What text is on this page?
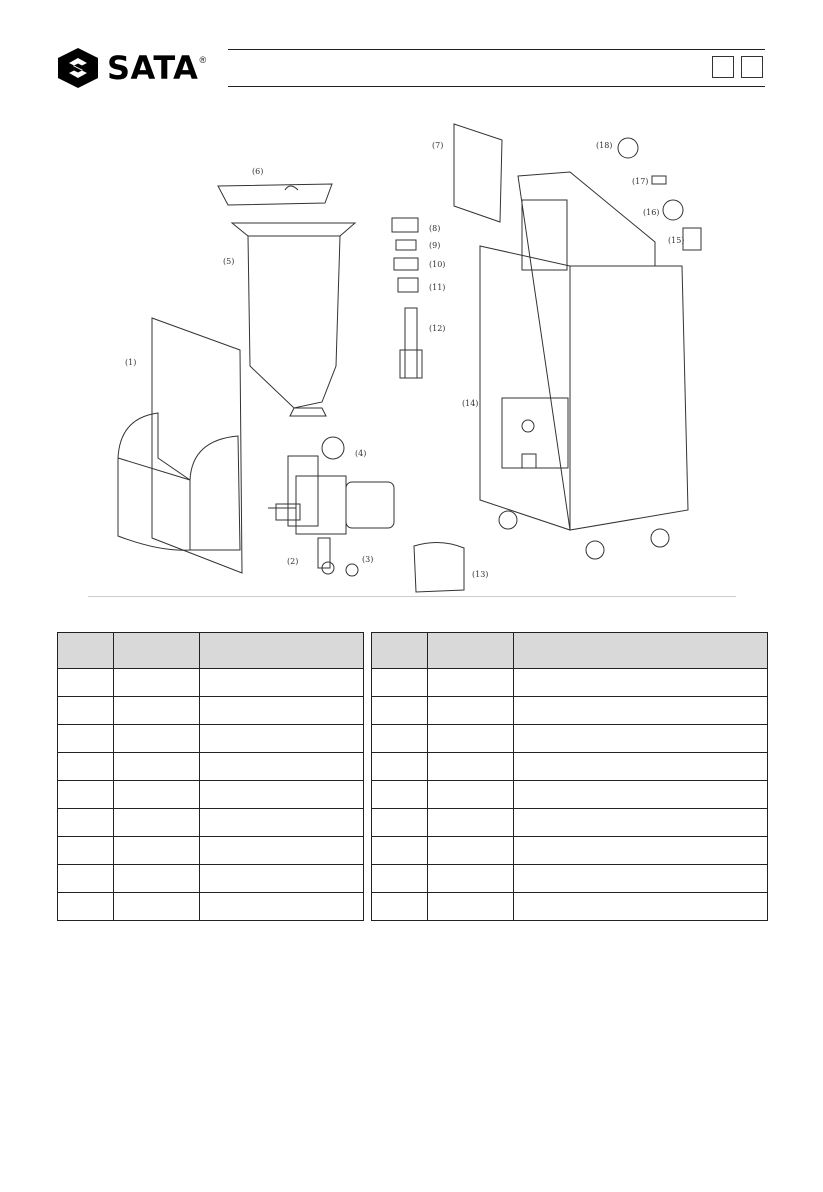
SATA ®
(1)
(2)	(3)
(4)
(5)
(6)
(7)
(8)
(9)
(10)
(11)
(12)
(13)
(14)
(15)
(16)
(17)
(18)
